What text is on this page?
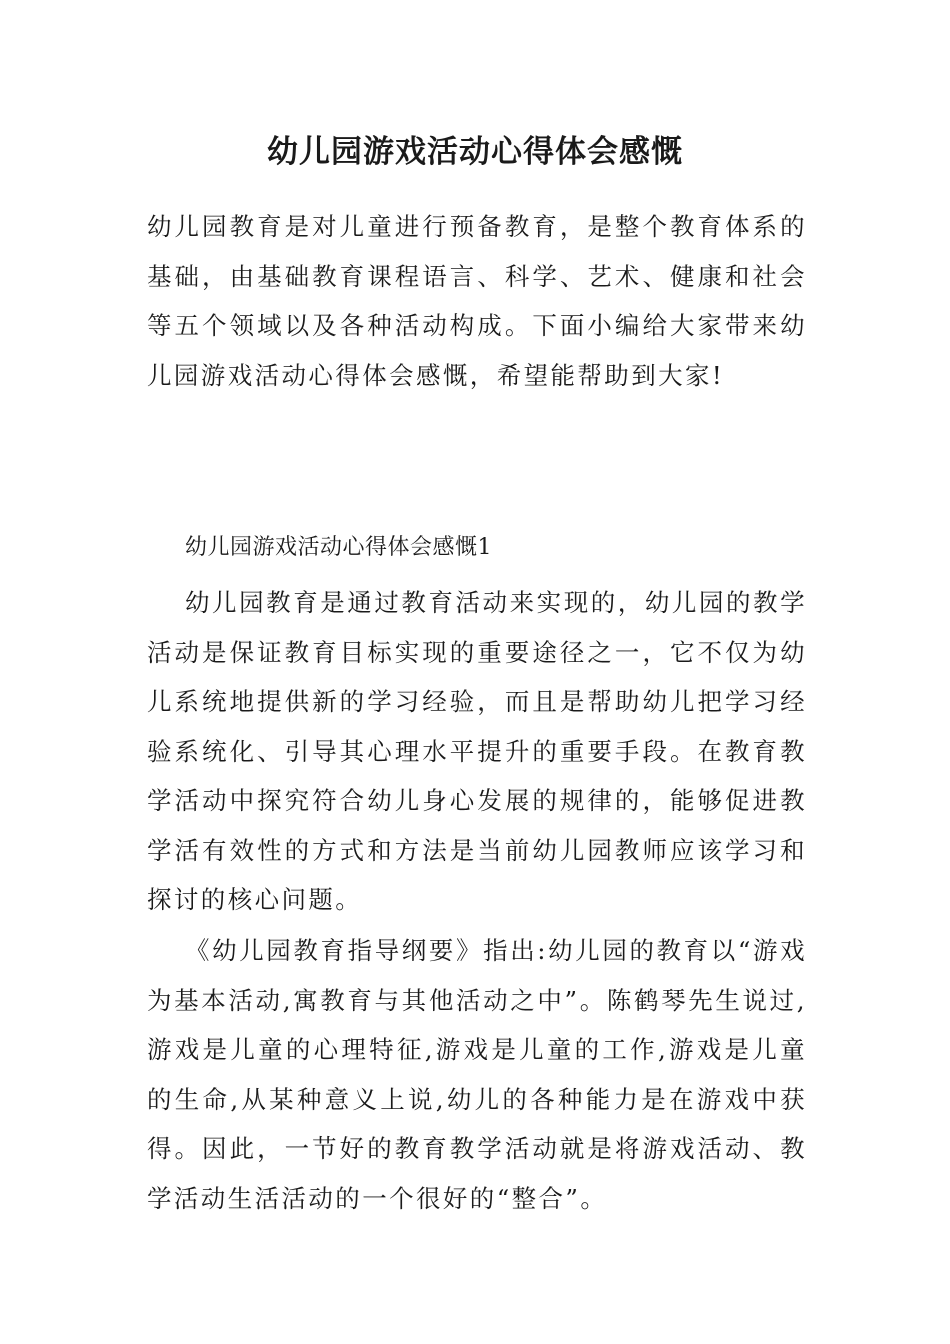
幼儿园游戏活动心得体会感慨

幼儿园教育是对儿童进行预备教育，是整个教育体系的基础，由基础教育课程语言、科学、艺术、健康和社会等五个领域以及各种活动构成。下面小编给大家带来幼儿园游戏活动心得体会感慨，希望能帮助到大家!

幼儿园游戏活动心得体会感慨1

幼儿园教育是通过教育活动来实现的，幼儿园的教学活动是保证教育目标实现的重要途径之一，它不仅为幼儿系统地提供新的学习经验，而且是帮助幼儿把学习经验系统化、引导其心理水平提升的重要手段。在教育教学活动中探究符合幼儿身心发展的规律的，能够促进教学活有效性的方式和方法是当前幼儿园教师应该学习和探讨的核心问题。

《幼儿园教育指导纲要》指出:幼儿园的教育以“游戏为基本活动,寓教育与其他活动之中”。陈鹤琴先生说过,游戏是儿童的心理特征,游戏是儿童的工作,游戏是儿童的生命,从某种意义上说,幼儿的各种能力是在游戏中获得。因此，一节好的教育教学活动就是将游戏活动、教学活动生活活动的一个很好的“整合”。
